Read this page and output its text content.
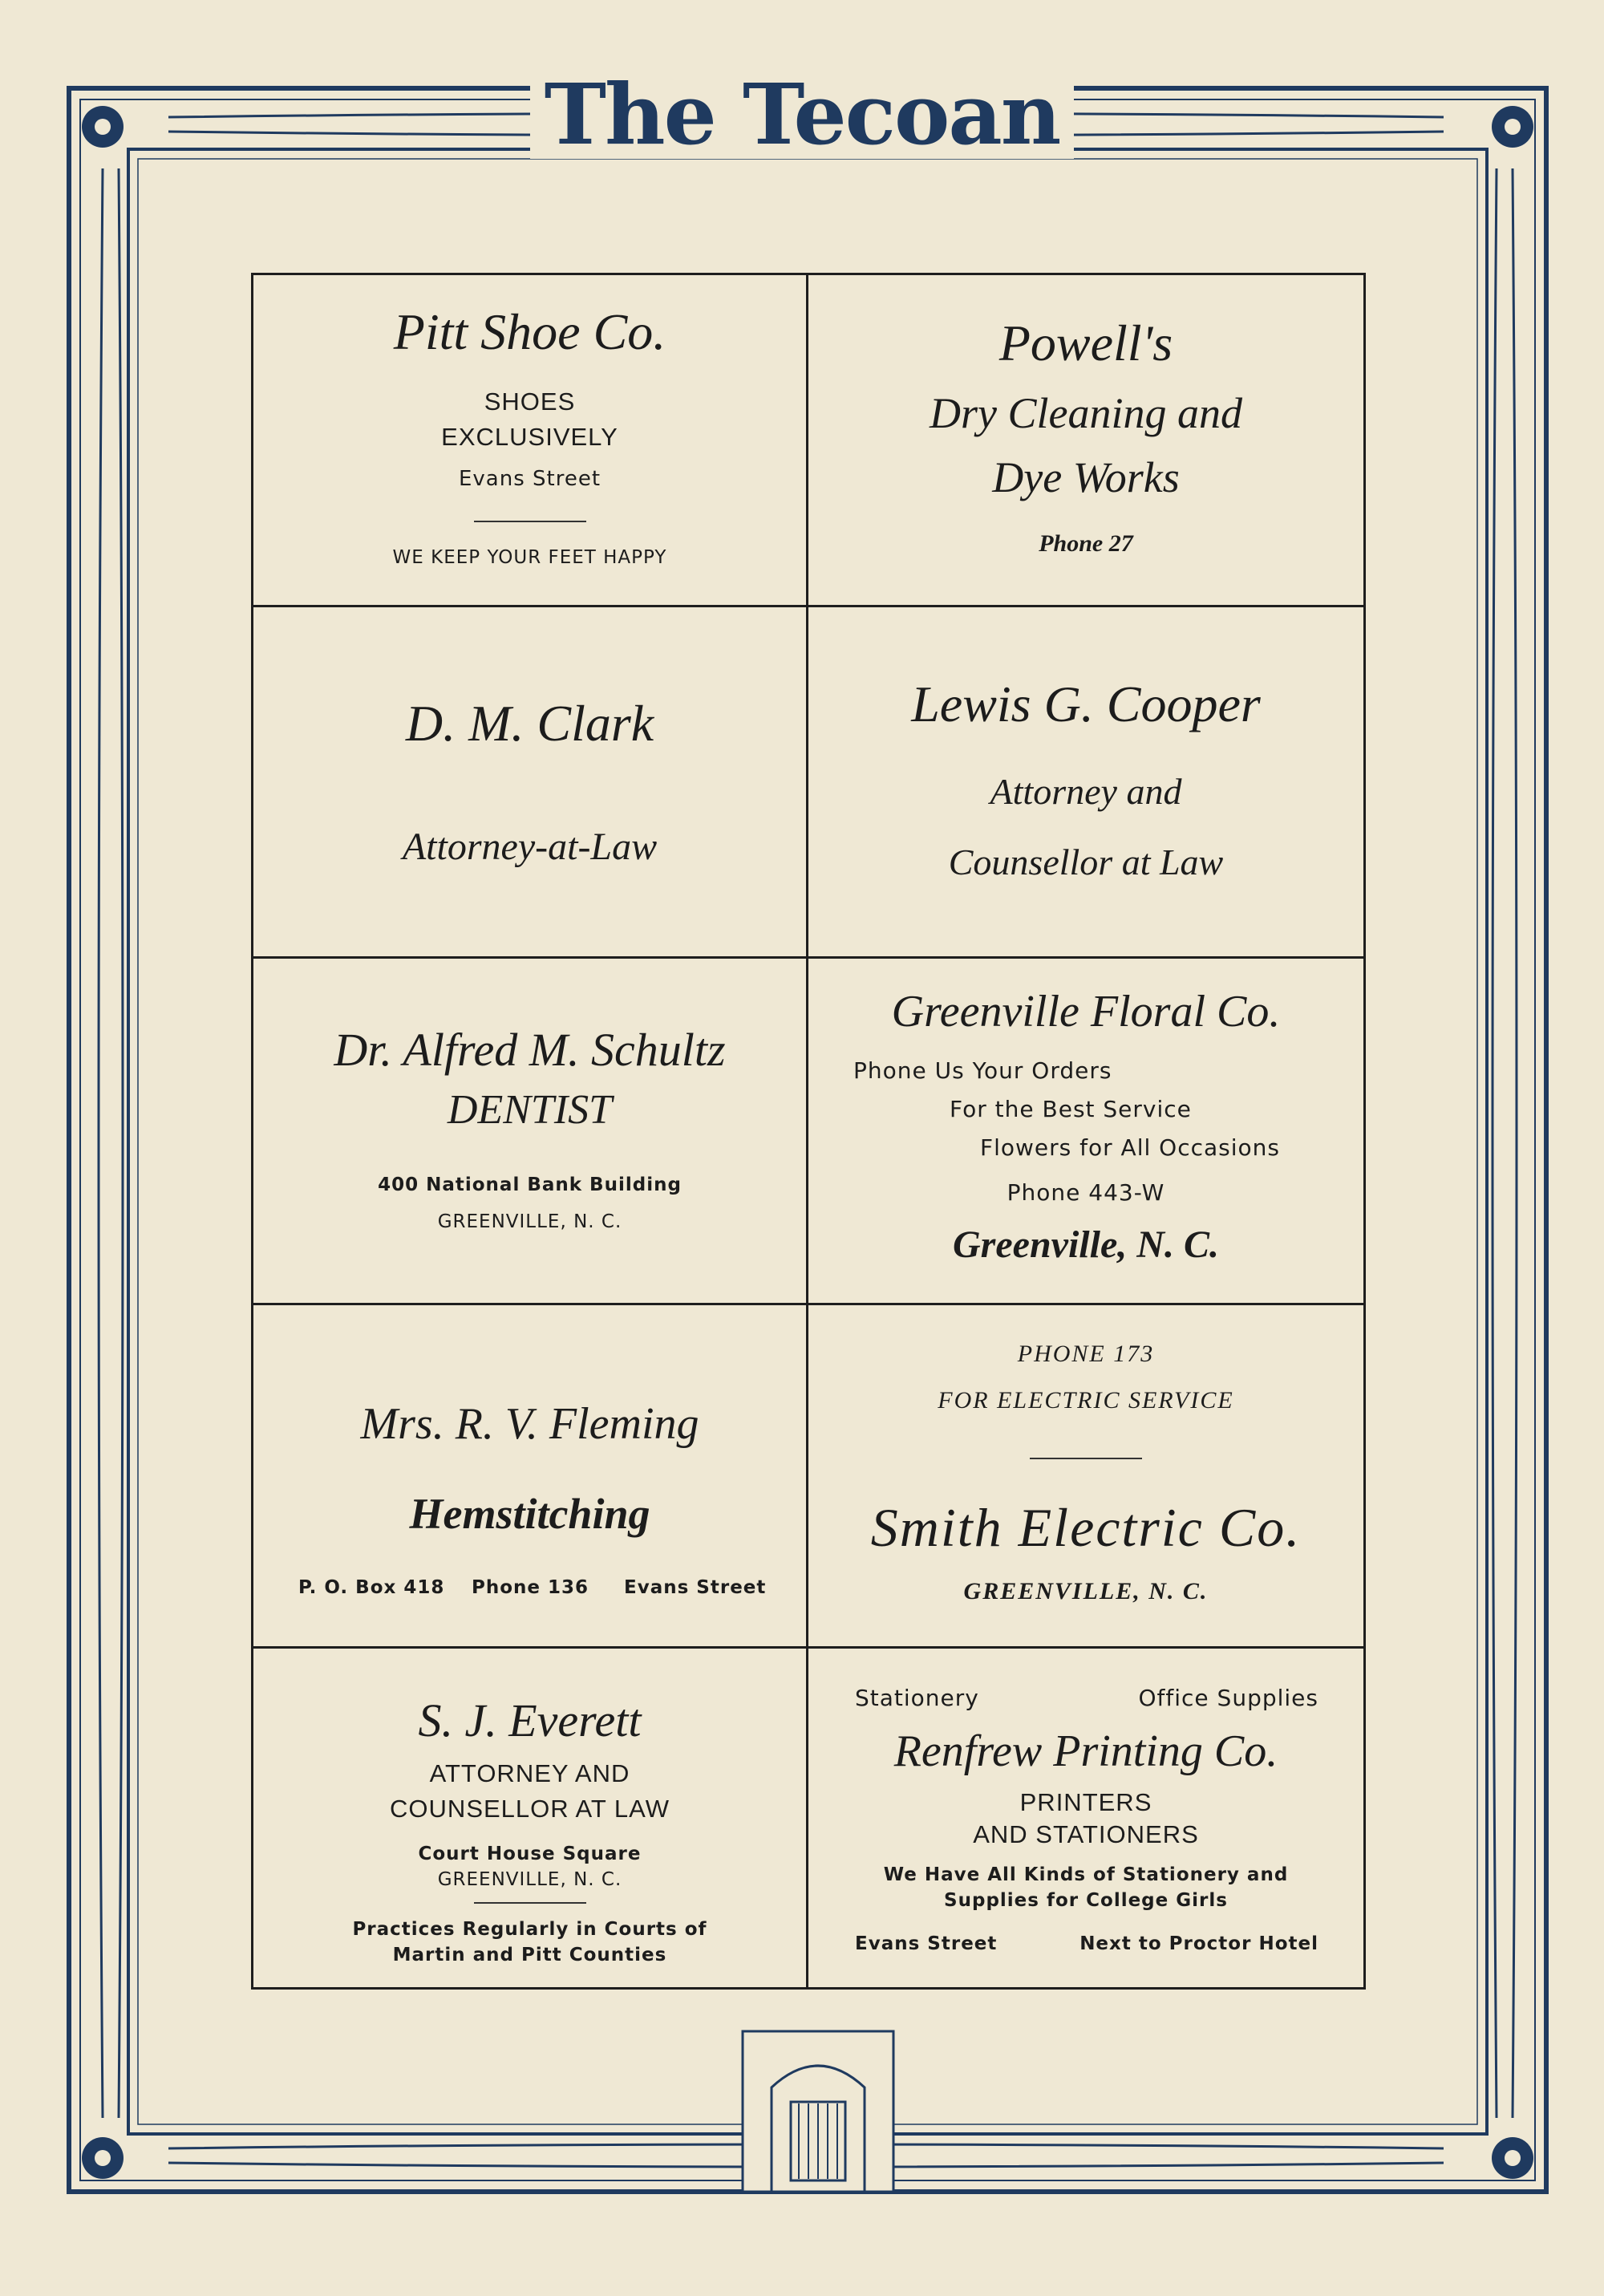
The Tecoan
Pitt Shoe Co.
SHOES
EXCLUSIVELY
Evans Street
WE KEEP YOUR FEET HAPPY
Powell's
Dry Cleaning and
Dye Works
Phone 27
D. M. Clark
Attorney-at-Law
Lewis G. Cooper
Attorney and
Counsellor at Law
Dr. Alfred M. Schultz
DENTIST
400 National Bank Building
GREENVILLE, N. C.
Greenville Floral Co.
Phone Us Your Orders
For the Best Service
Flowers for All Occasions
Phone 443-W
Greenville, N. C.
Mrs. R. V. Fleming
Hemstitching
P. O. Box 418 Phone 136 Evans Street
PHONE 173
FOR ELECTRIC SERVICE
Smith Electric Co.
GREENVILLE, N. C.
S. J. Everett
ATTORNEY AND
COUNSELLOR AT LAW
Court House Square
GREENVILLE, N. C.
Practices Regularly in Courts of
Martin and Pitt Counties
Stationery	Office Supplies
Renfrew Printing Co.
PRINTERS
AND STATIONERS
We Have All Kinds of Stationery and
Supplies for College Girls
Evans Street	Next to Proctor Hotel
